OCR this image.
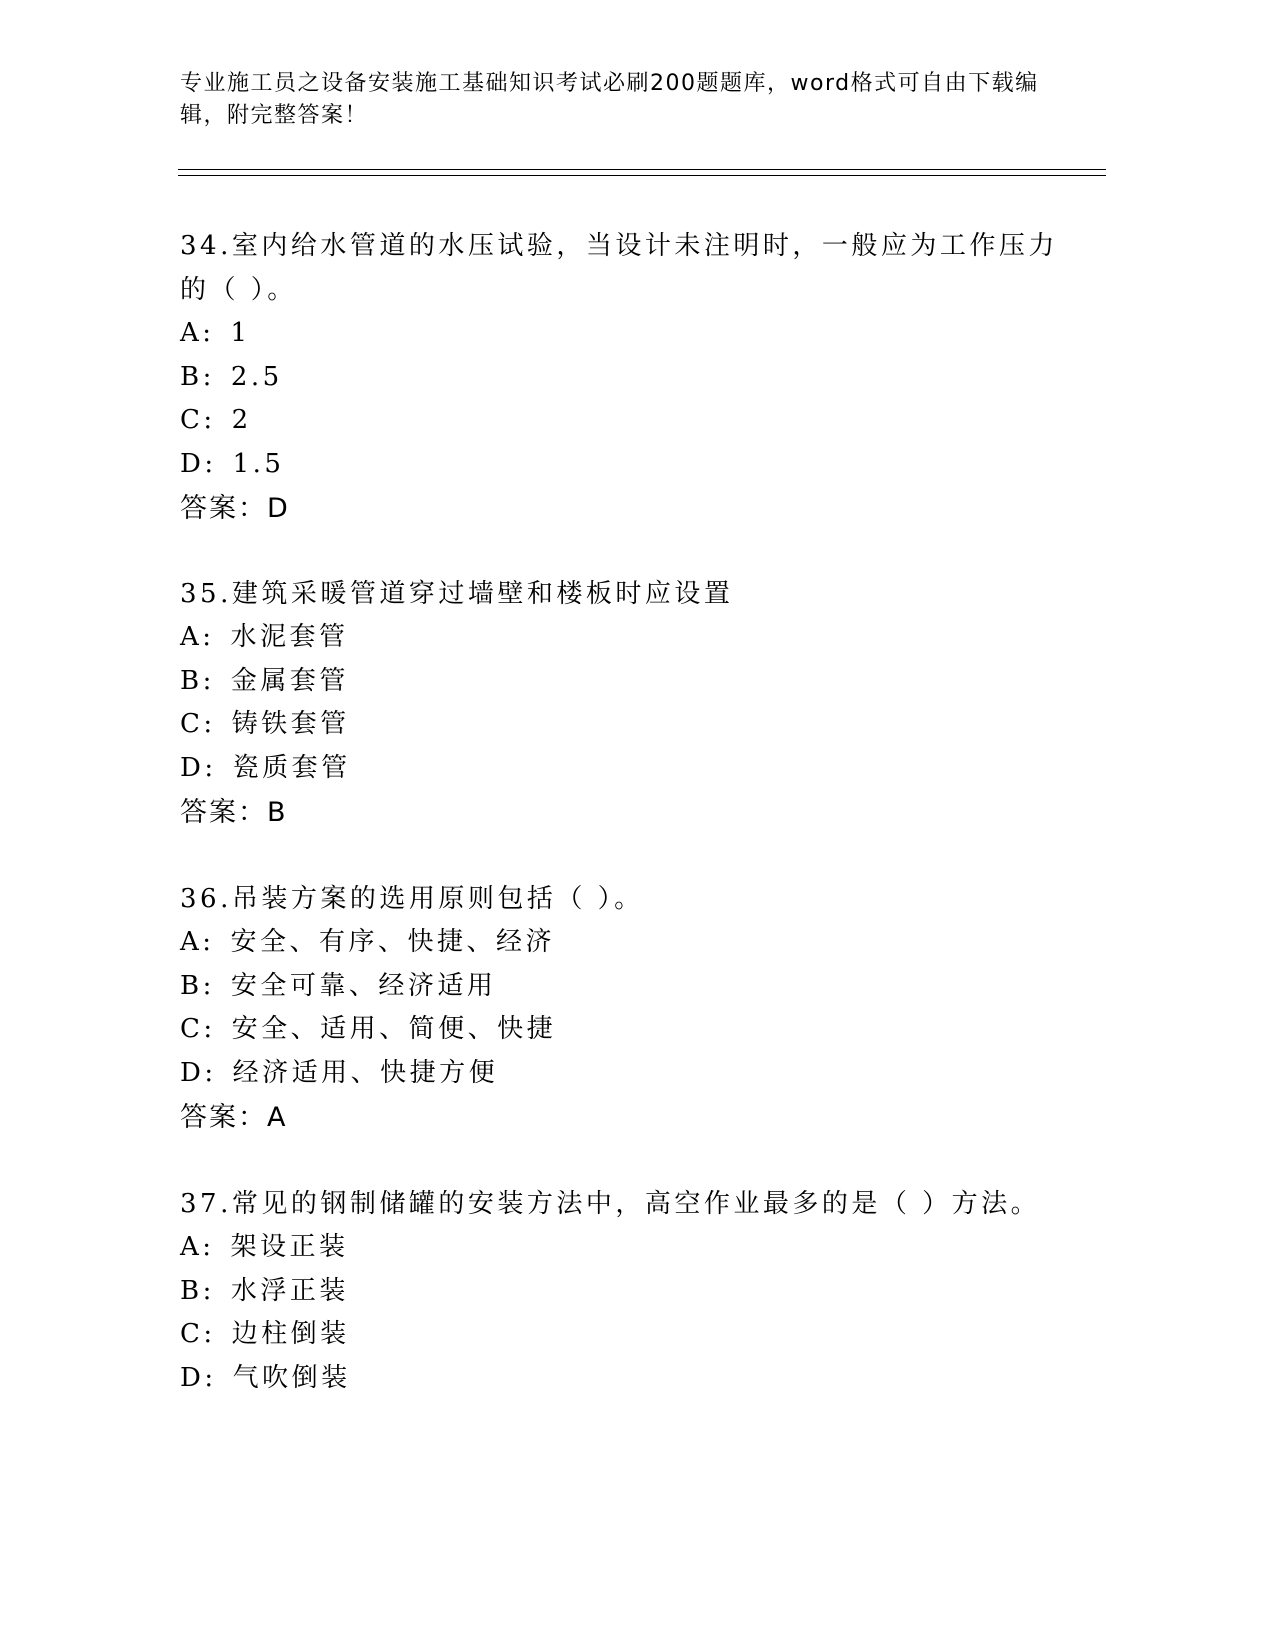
专业施工员之设备安装施工基础知识考试必刷200题题库，word格式可自由下载编辑，附完整答案！
34.室内给水管道的水压试验，当设计未注明时，一般应为工作压力的（ ）。
A: 1
B: 2.5
C: 2
D: 1.5
答案：D
35.建筑采暖管道穿过墙壁和楼板时应设置
A: 水泥套管
B: 金属套管
C: 铸铁套管
D: 瓷质套管
答案：B
36.吊装方案的选用原则包括（ ）。
A: 安全、有序、快捷、经济
B: 安全可靠、经济适用
C: 安全、适用、简便、快捷
D: 经济适用、快捷方便
答案：A
37.常见的钢制储罐的安装方法中，高空作业最多的是（ ）方法。
A: 架设正装
B: 水浮正装
C: 边柱倒装
D: 气吹倒装
